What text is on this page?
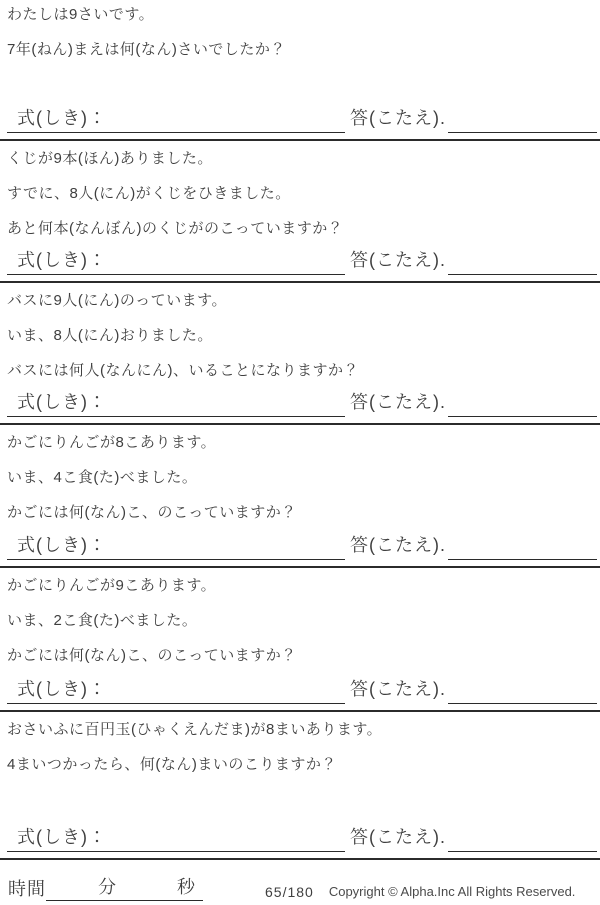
わたしは9さいです。

7年(ねん)まえは何(なん)さいでしたか？

式(しき)：	答(こたえ).

くじが9本(ほん)ありました。

すでに、8人(にん)がくじをひきました。

あと何本(なんぼん)のくじがのこっていますか？

式(しき)：	答(こたえ).

バスに9人(にん)のっています。

いま、8人(にん)おりました。

バスには何人(なんにん)、いることになりますか？

式(しき)：	答(こたえ).

かごにりんごが8こあります。

いま、4こ食(た)べました。

かごには何(なん)こ、のこっていますか？

式(しき)：	答(こたえ).

かごにりんごが9こあります。

いま、2こ食(た)べました。

かごには何(なん)こ、のこっていますか？

式(しき)：	答(こたえ).

おさいふに百円玉(ひゃくえんだま)が8まいあります。

4まいつかったら、何(なん)まいのこりますか？

式(しき)：	答(こたえ).
時間	分	秒	65/180 Copyright © Alpha.Inc All Rights Reserved.
